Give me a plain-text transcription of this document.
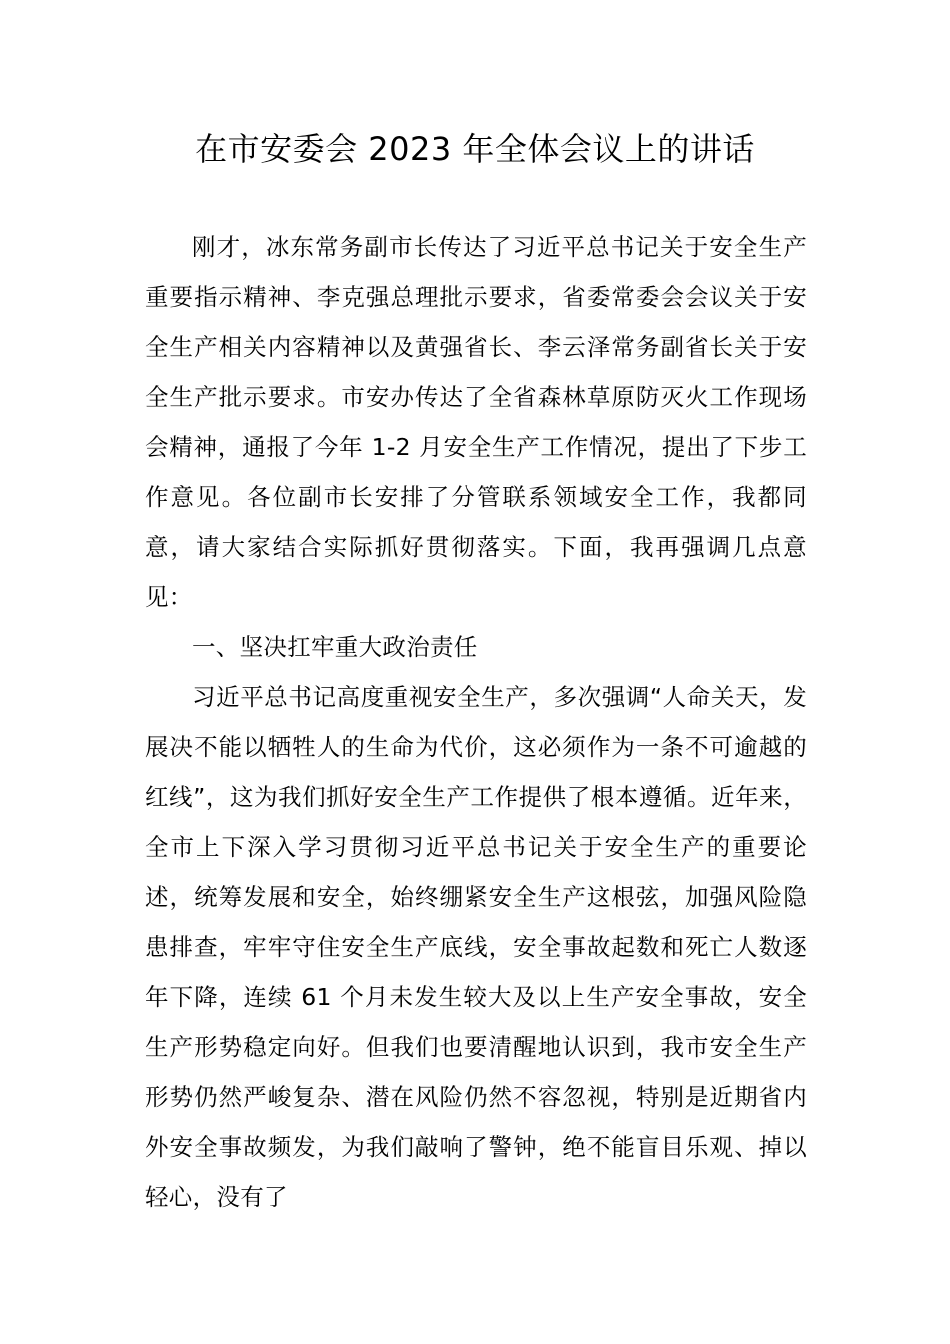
在市安委会 2023 年全体会议上的讲话

刚才，冰东常务副市长传达了习近平总书记关于安全生产重要指示精神、李克强总理批示要求，省委常委会会议关于安全生产相关内容精神以及黄强省长、李云泽常务副省长关于安全生产批示要求。市安办传达了全省森林草原防灭火工作现场会精神，通报了今年 1-2 月安全生产工作情况，提出了下步工作意见。各位副市长安排了分管联系领域安全工作，我都同意，请大家结合实际抓好贯彻落实。下面，我再强调几点意见：

一、坚决扛牢重大政治责任

习近平总书记高度重视安全生产，多次强调“人命关天，发展决不能以牺牲人的生命为代价，这必须作为一条不可逾越的红线”，这为我们抓好安全生产工作提供了根本遵循。近年来，全市上下深入学习贯彻习近平总书记关于安全生产的重要论述，统筹发展和安全，始终绷紧安全生产这根弦，加强风险隐患排查，牢牢守住安全生产底线，安全事故起数和死亡人数逐年下降，连续 61 个月未发生较大及以上生产安全事故，安全生产形势稳定向好。但我们也要清醒地认识到，我市安全生产形势仍然严峻复杂、潜在风险仍然不容忽视，特别是近期省内外安全事故频发，为我们敲响了警钟，绝不能盲目乐观、掉以轻心，没有了
